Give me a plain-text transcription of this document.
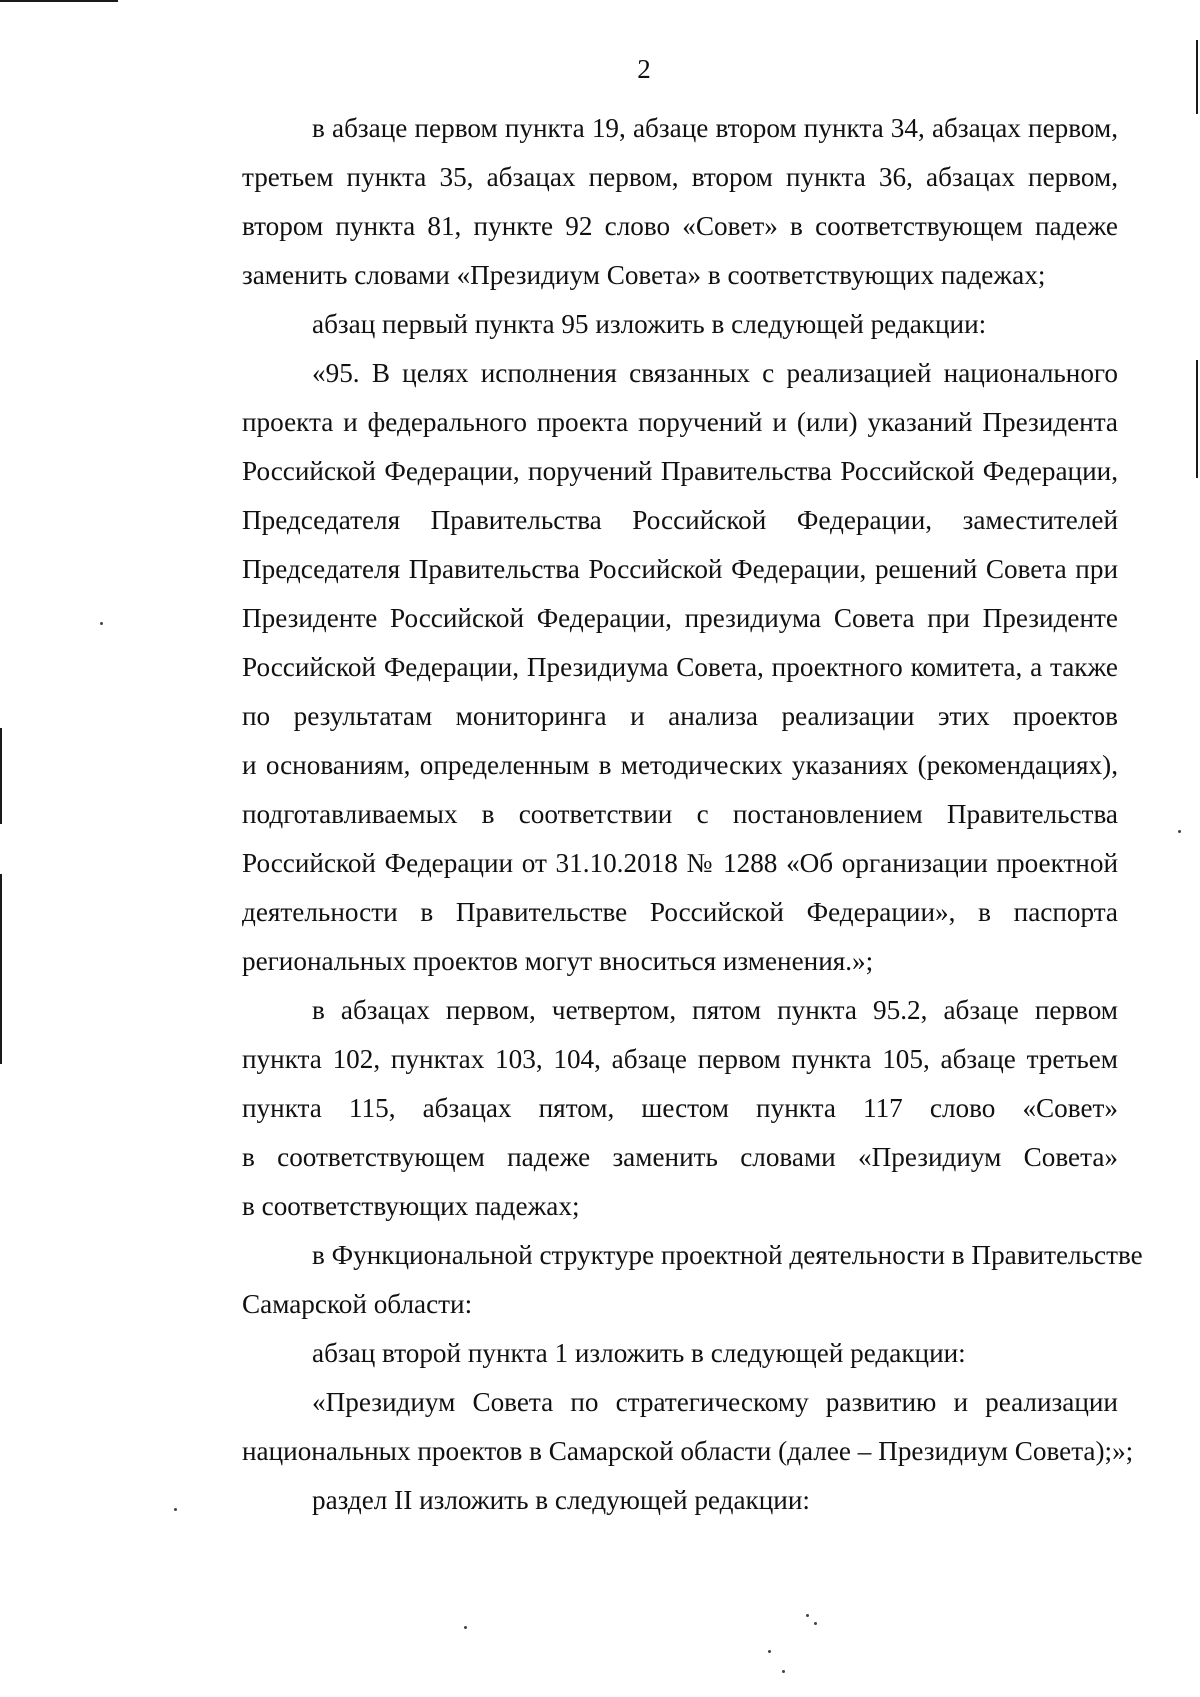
2
в абзаце первом пункта 19, абзаце втором пункта 34, абзацах первом,
третьем пункта 35, абзацах первом, втором пункта 36, абзацах первом,
втором пункта 81, пункте 92 слово «Совет» в соответствующем падеже
заменить словами «Президиум Совета» в соответствующих падежах;
абзац первый пункта 95 изложить в следующей редакции:
«95. В целях исполнения связанных с реализацией национального
проекта и федерального проекта поручений и (или) указаний Президента
Российской Федерации, поручений Правительства Российской Федерации,
Председателя Правительства Российской Федерации, заместителей
Председателя Правительства Российской Федерации, решений Совета при
Президенте Российской Федерации, президиума Совета при Президенте
Российской Федерации, Президиума Совета, проектного комитета, а также
по результатам мониторинга и анализа реализации этих проектов
и основаниям, определенным в методических указаниях (рекомендациях),
подготавливаемых в соответствии с постановлением Правительства
Российской Федерации от 31.10.2018 № 1288 «Об организации проектной
деятельности в Правительстве Российской Федерации», в паспорта
региональных проектов могут вноситься изменения.»;
в абзацах первом, четвертом, пятом пункта 95.2, абзаце первом
пункта 102, пунктах 103, 104, абзаце первом пункта 105, абзаце третьем
пункта 115, абзацах пятом, шестом пункта 117 слово «Совет»
в соответствующем падеже заменить словами «Президиум Совета»
в соответствующих падежах;
в Функциональной структуре проектной деятельности в Правительстве
Самарской области:
абзац второй пункта 1 изложить в следующей редакции:
«Президиум Совета по стратегическому развитию и реализации
национальных проектов в Самарской области (далее – Президиум Совета);»;
раздел II изложить в следующей редакции:
